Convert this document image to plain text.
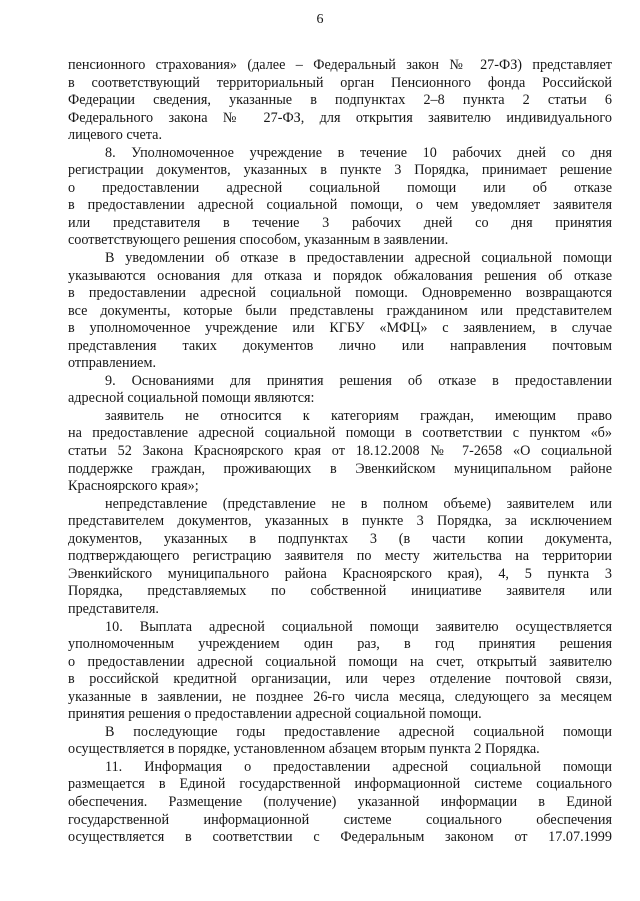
6
пенсионного страхования» (далее – Федеральный закон № 27-ФЗ) представляет
в соответствующий территориальный орган Пенсионного фонда Российской
Федерации сведения, указанные в подпунктах 2–8 пункта 2 статьи 6
Федерального закона № 27-ФЗ, для открытия заявителю индивидуального
лицевого счета.
8. Уполномоченное учреждение в течение 10 рабочих дней со дня
регистрации документов, указанных в пункте 3 Порядка, принимает решение
о предоставлении адресной социальной помощи или об отказе
в предоставлении адресной социальной помощи, о чем уведомляет заявителя
или представителя в течение 3 рабочих дней со дня принятия
соответствующего решения способом, указанным в заявлении.
В уведомлении об отказе в предоставлении адресной социальной помощи
указываются основания для отказа и порядок обжалования решения об отказе
в предоставлении адресной социальной помощи. Одновременно возвращаются
все документы, которые были представлены гражданином или представителем
в уполномоченное учреждение или КГБУ «МФЦ» с заявлением, в случае
представления таких документов лично или направления почтовым
отправлением.
9. Основаниями для принятия решения об отказе в предоставлении
адресной социальной помощи являются:
заявитель не относится к категориям граждан, имеющим право
на предоставление адресной социальной помощи в соответствии с пунктом «б»
статьи 52 Закона Красноярского края от 18.12.2008 № 7-2658 «О социальной
поддержке граждан, проживающих в Эвенкийском муниципальном районе
Красноярского края»;
непредставление (представление не в полном объеме) заявителем или
представителем документов, указанных в пункте 3 Порядка, за исключением
документов, указанных в подпунктах 3 (в части копии документа,
подтверждающего регистрацию заявителя по месту жительства на территории
Эвенкийского муниципального района Красноярского края), 4, 5 пункта 3
Порядка, представляемых по собственной инициативе заявителя или
представителя.
10. Выплата адресной социальной помощи заявителю осуществляется
уполномоченным учреждением один раз, в год принятия решения
о предоставлении адресной социальной помощи на счет, открытый заявителю
в российской кредитной организации, или через отделение почтовой связи,
указанные в заявлении, не позднее 26-го числа месяца, следующего за месяцем
принятия решения о предоставлении адресной социальной помощи.
В последующие годы предоставление адресной социальной помощи
осуществляется в порядке, установленном абзацем вторым пункта 2 Порядка.
11. Информация о предоставлении адресной социальной помощи
размещается в Единой государственной информационной системе социального
обеспечения. Размещение (получение) указанной информации в Единой
государственной информационной системе социального обеспечения
осуществляется в соответствии с Федеральным законом от 17.07.1999
